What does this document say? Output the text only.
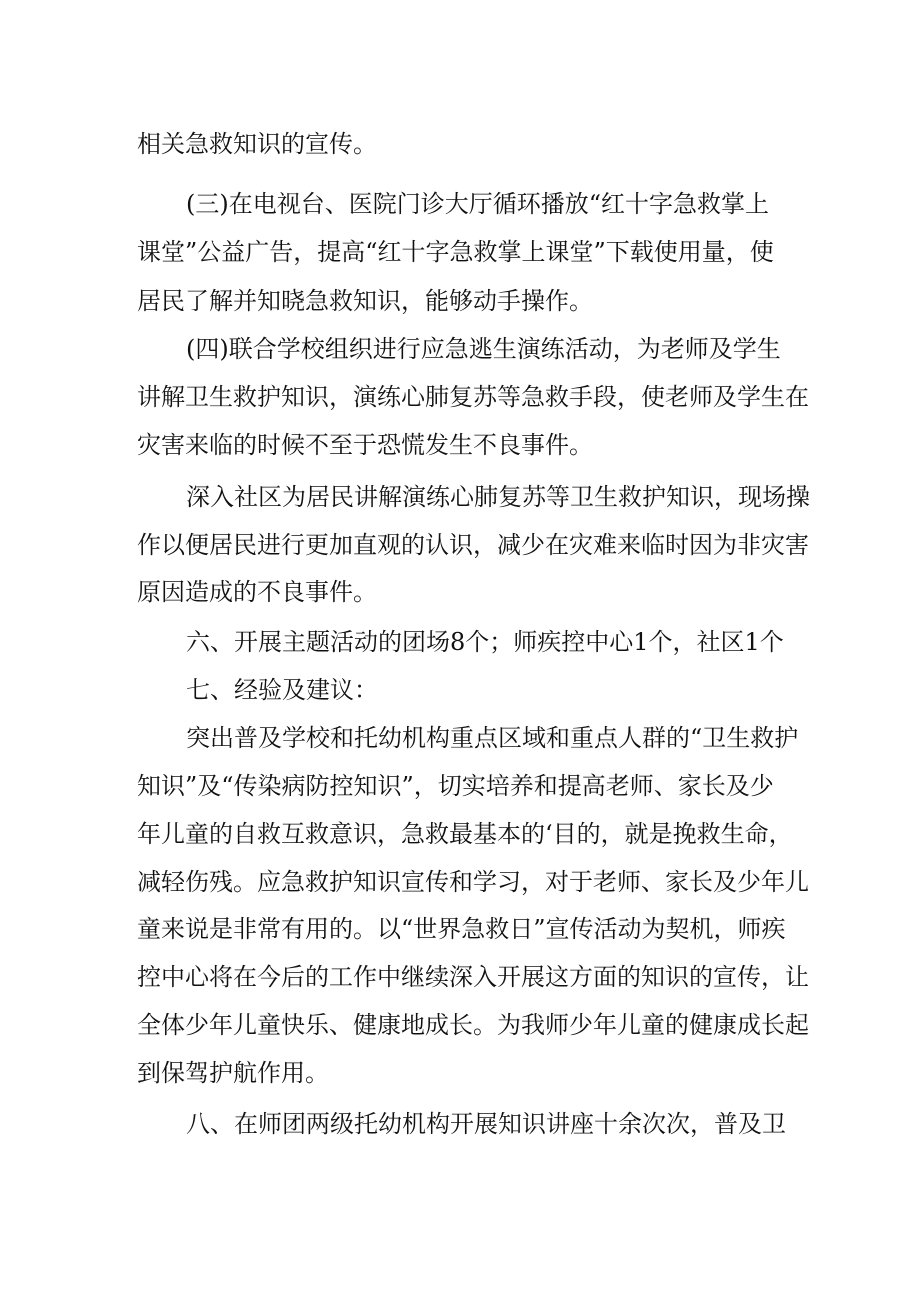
相关急救知识的宣传。

(三)在电视台、医院门诊大厅循环播放“红十字急救掌上

课堂”公益广告，提高“红十字急救掌上课堂”下载使用量，使

居民了解并知晓急救知识，能够动手操作。

(四)联合学校组织进行应急逃生演练活动，为老师及学生

讲解卫生救护知识，演练心肺复苏等急救手段，使老师及学生在

灾害来临的时候不至于恐慌发生不良事件。

深入社区为居民讲解演练心肺复苏等卫生救护知识，现场操

作以便居民进行更加直观的认识，减少在灾难来临时因为非灾害

原因造成的不良事件。

六、开展主题活动的团场8个；师疾控中心1个，社区1个

七、经验及建议：

突出普及学校和托幼机构重点区域和重点人群的“卫生救护

知识”及“传染病防控知识”，切实培养和提高老师、家长及少

年儿童的自救互救意识，急救最基本的‘目的，就是挽救生命，

减轻伤残。应急救护知识宣传和学习，对于老师、家长及少年儿

童来说是非常有用的。以“世界急救日”宣传活动为契机，师疾

控中心将在今后的工作中继续深入开展这方面的知识的宣传，让

全体少年儿童快乐、健康地成长。为我师少年儿童的健康成长起

到保驾护航作用。

八、在师团两级托幼机构开展知识讲座十余次次，普及卫
